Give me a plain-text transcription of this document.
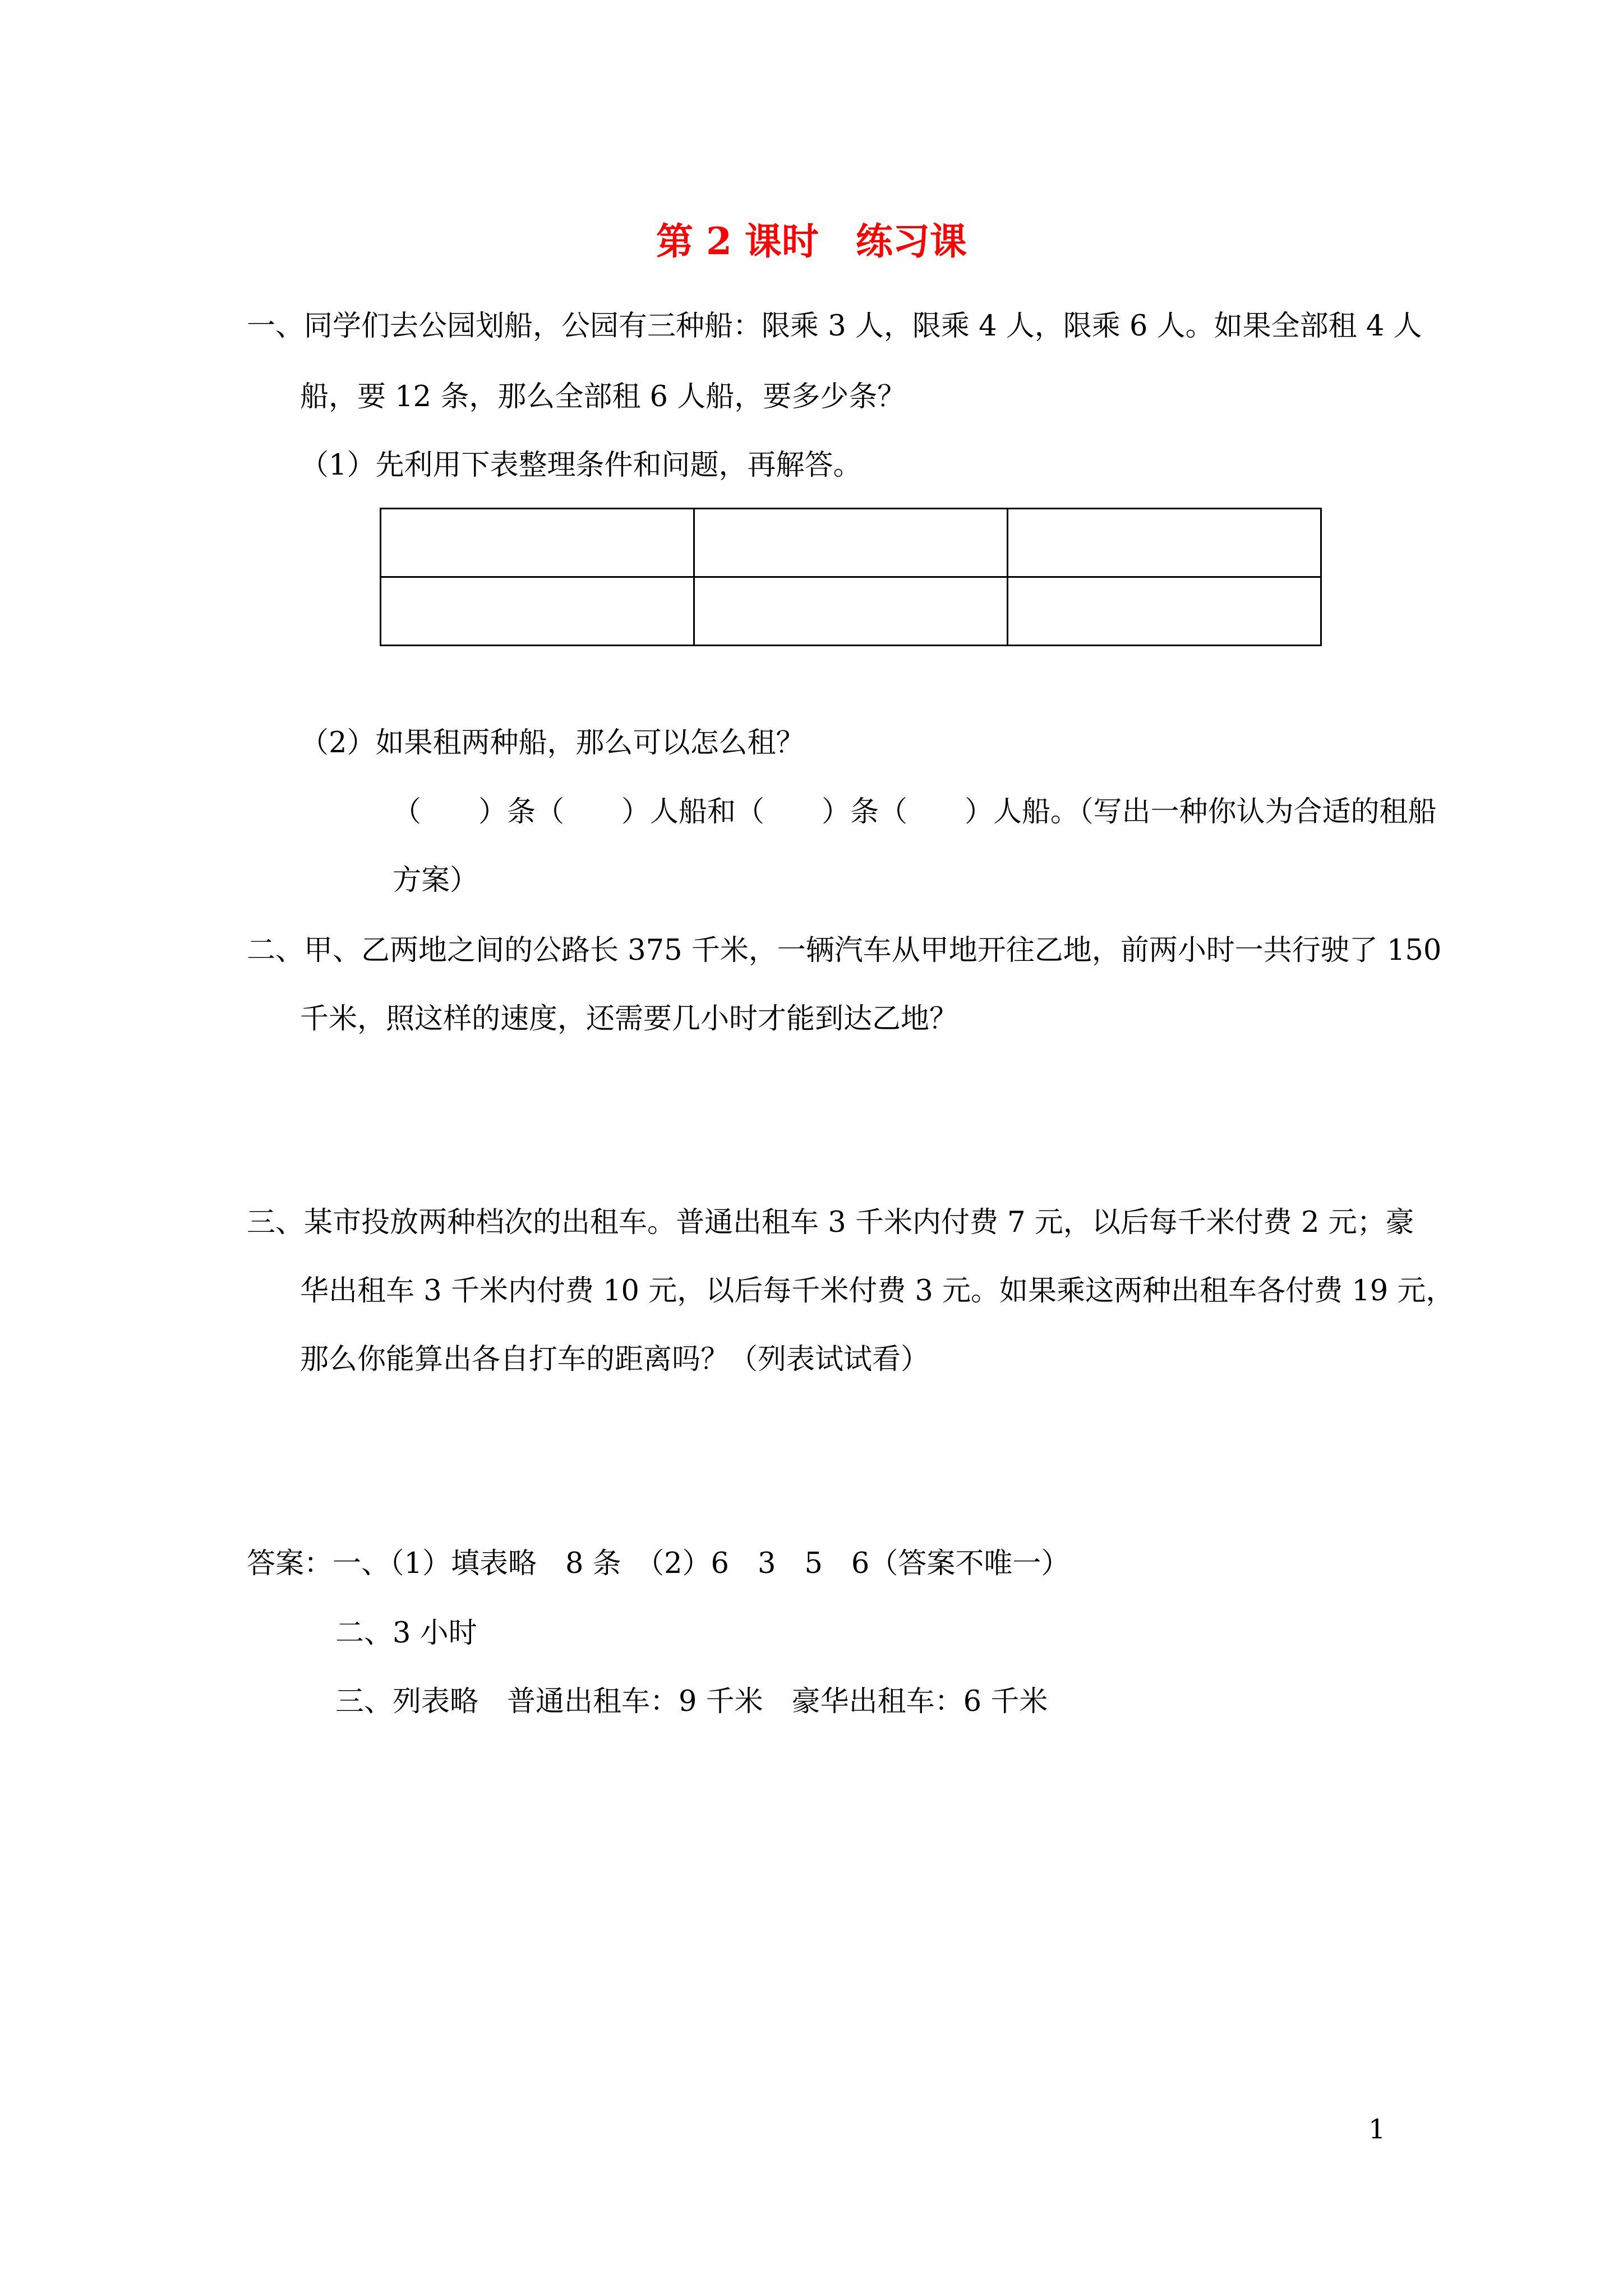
第 2 课时　练习课
一、同学们去公园划船，公园有三种船：限乘 3 人，限乘 4 人，限乘 6 人。如果全部租 4 人
船，要 12 条，那么全部租 6 人船，要多少条？
（1）先利用下表整理条件和问题，再解答。

（2）如果租两种船，那么可以怎么租？
（　　）条（　　）人船和（　　）条（　　）人船。（写出一种你认为合适的租船
方案）
二、甲、乙两地之间的公路长 375 千米，一辆汽车从甲地开往乙地，前两小时一共行驶了 150
千米，照这样的速度，还需要几小时才能到达乙地？
三、某市投放两种档次的出租车。普通出租车 3 千米内付费 7 元，以后每千米付费 2 元；豪
华出租车 3 千米内付费 10 元，以后每千米付费 3 元。如果乘这两种出租车各付费 19 元，
那么你能算出各自打车的距离吗？（列表试试看）
答案：一、（1）填表略　8 条　（2）6　3　5　6（答案不唯一）
二、3 小时
三、列表略　普通出租车：9 千米　豪华出租车：6 千米
1
